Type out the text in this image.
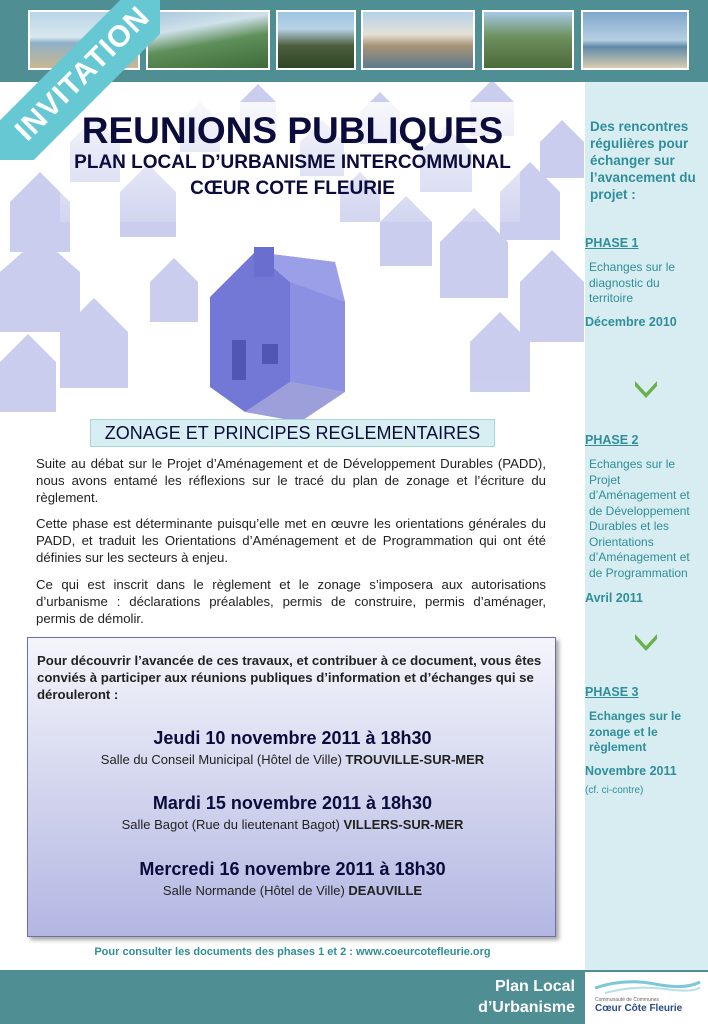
INVITATION
REUNIONS PUBLIQUES
PLAN LOCAL D’URBANISME INTERCOMMUNAL
CŒUR COTE FLEURIE
ZONAGE ET PRINCIPES REGLEMENTAIRES
Suite au débat sur le Projet d’Aménagement et de Développement Durables (PADD), nous avons entamé les réflexions sur le tracé du plan de zonage et l’écriture du règlement.
Cette phase est déterminante puisqu’elle met en œuvre les orientations générales du PADD, et traduit les Orientations d’Aménagement et de Programmation qui ont été définies sur les secteurs à enjeu.
Ce qui est inscrit dans le règlement et le zonage s’imposera aux autorisations d’urbanisme : déclarations préalables, permis de construire, permis d’aménager, permis de démolir.
Pour découvrir l’avancée de ces travaux, et contribuer à ce document, vous êtes conviés à participer aux réunions publiques d’information et d’échanges qui se dérouleront :
Jeudi 10 novembre 2011 à 18h30
Salle du Conseil Municipal (Hôtel de Ville) TROUVILLE-SUR-MER
Mardi 15 novembre 2011 à 18h30
Salle Bagot (Rue du lieutenant Bagot) VILLERS-SUR-MER
Mercredi 16 novembre 2011 à 18h30
Salle Normande (Hôtel de Ville) DEAUVILLE
Pour consulter les documents des phases 1 et 2 : www.coeurcotefleurie.org
Des rencontres régulières pour échanger sur l’avancement du projet :
PHASE 1
Echanges sur le diagnostic du territoire
Décembre 2010
PHASE 2
Echanges sur le Projet d’Aménagement et de Développement Durables et les Orientations d’Aménagement et de Programmation
Avril 2011
PHASE 3
Echanges sur le zonage et le règlement
Novembre 2011
(cf. ci-contre)
Plan Local
d’Urbanisme	Communauté de Communes
Cœur Côte Fleurie
